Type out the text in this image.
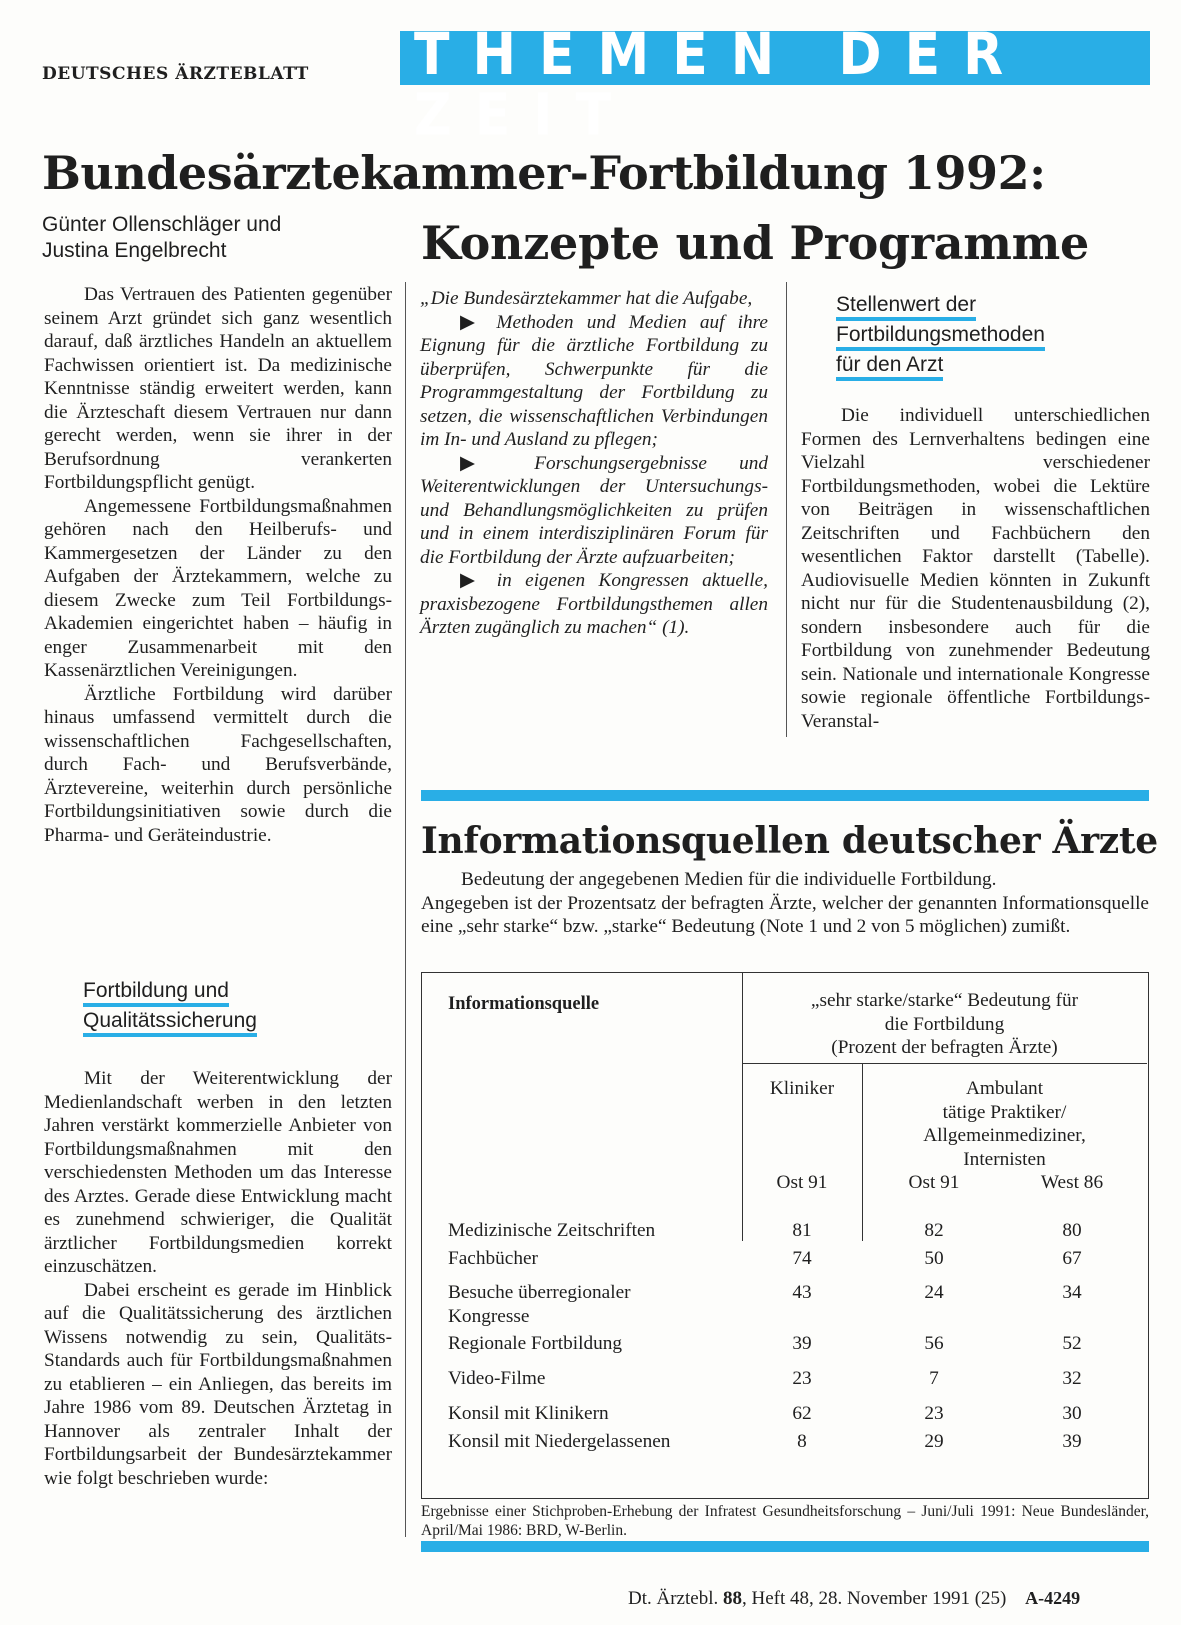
DEUTSCHES ÄRZTEBLATT THEMEN DER ZEIT
Bundesärztekammer-Fortbildung 1992:
Konzepte und Programme
Günter Ollenschläger und
Justina Engelbrecht

Das Vertrauen des Patienten gegenüber seinem Arzt gründet sich ganz wesentlich darauf, daß ärztliches Handeln an aktuellem Fachwissen orientiert ist. Da medizinische Kenntnisse ständig erweitert werden, kann die Ärzteschaft diesem Vertrauen nur dann gerecht werden, wenn sie ihrer in der Berufsordnung verankerten Fortbildungspflicht genügt.

Angemessene Fortbildungsmaßnahmen gehören nach den Heilberufs- und Kammergesetzen der Länder zu den Aufgaben der Ärztekammern, welche zu diesem Zwecke zum Teil Fortbildungs-Akademien eingerichtet haben – häufig in enger Zusammenarbeit mit den Kassenärztlichen Vereinigungen.

Ärztliche Fortbildung wird darüber hinaus umfassend vermittelt durch die wissenschaftlichen Fachgesellschaften, durch Fach- und Berufsverbände, Ärztevereine, weiterhin durch persönliche Fortbildungsinitiativen sowie durch die Pharma- und Geräteindustrie.

Fortbildung und
Qualitätssicherung

Mit der Weiterentwicklung der Medienlandschaft werben in den letzten Jahren verstärkt kommerzielle Anbieter von Fortbildungsmaßnahmen mit den verschiedensten Methoden um das Interesse des Arztes. Gerade diese Entwicklung macht es zunehmend schwieriger, die Qualität ärztlicher Fortbildungsmedien korrekt einzuschätzen.

Dabei erscheint es gerade im Hinblick auf die Qualitätssicherung des ärztlichen Wissens notwendig zu sein, Qualitäts-Standards auch für Fortbildungsmaßnahmen zu etablieren – ein Anliegen, das bereits im Jahre 1986 vom 89. Deutschen Ärztetag in Hannover als zentraler Inhalt der Fortbildungsarbeit der Bundesärztekammer wie folgt beschrieben wurde:

„Die Bundesärztekammer hat die Aufgabe,

▶ Methoden und Medien auf ihre Eignung für die ärztliche Fortbildung zu überprüfen, Schwerpunkte für die Programmgestaltung der Fortbildung zu setzen, die wissenschaftlichen Verbindungen im In- und Ausland zu pflegen;

▶ Forschungsergebnisse und Weiterentwicklungen der Untersuchungs- und Behandlungsmöglichkeiten zu prüfen und in einem interdisziplinären Forum für die Fortbildung der Ärzte aufzuarbeiten;

▶ in eigenen Kongressen aktuelle, praxisbezogene Fortbildungsthemen allen Ärzten zugänglich zu machen“ (1).

Stellenwert der
Fortbildungsmethoden
für den Arzt

Die individuell unterschiedlichen Formen des Lernverhaltens bedingen eine Vielzahl verschiedener Fortbildungsmethoden, wobei die Lektüre von Beiträgen in wissenschaftlichen Zeitschriften und Fachbüchern den wesentlichen Faktor darstellt (Tabelle). Audiovisuelle Medien könnten in Zukunft nicht nur für die Studentenausbildung (2), sondern insbesondere auch für die Fortbildung von zunehmender Bedeutung sein. Nationale und internationale Kongresse sowie regionale öffentliche Fortbildungs-Veranstal-

Informationsquellen deutscher Ärzte
Bedeutung der angegebenen Medien für die individuelle Fortbildung.
Angegeben ist der Prozentsatz der befragten Ärzte, welcher der genannten Informationsquelle eine „sehr starke“ bzw. „starke“ Bedeutung (Note 1 und 2 von 5 möglichen) zumißt.
Informationsquelle	„sehr starke/starke“ Bedeutung für
die Fortbildung
(Prozent der befragten Ärzte)
Kliniker	Ambulant
tätige Praktiker/
Allgemeinmediziner,
Internisten
Ost 91	Ost 91	West 86
Medizinische Zeitschriften	81	82	80
Fachbücher	74	50	67
Besuche überregionaler
Kongresse
43	24	34
Regionale Fortbildung	39	56	52
Video-Filme	23	7	32
Konsil mit Klinikern	62	23	30
Konsil mit Niedergelassenen	8	29	39
Ergebnisse einer Stichproben-Erhebung der Infratest Gesundheitsforschung – Juni/Juli 1991: Neue Bundesländer, April/Mai 1986: BRD, W-Berlin.
Dt. Ärztebl. 88, Heft 48, 28. November 1991 (25) A-4249
